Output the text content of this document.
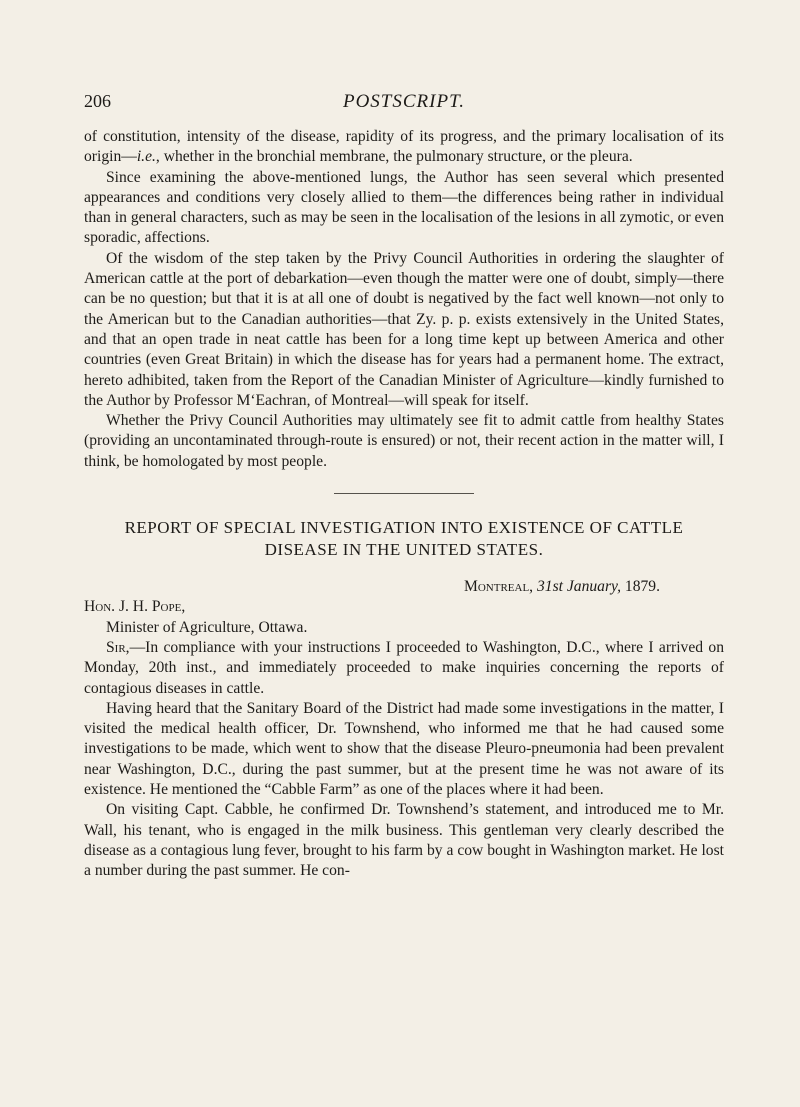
206	POSTSCRIPT.

of constitution, intensity of the disease, rapidity of its progress, and the primary localisation of its origin—i.e., whether in the bronchial membrane, the pulmonary structure, or the pleura.

Since examining the above-mentioned lungs, the Author has seen several which presented appearances and conditions very closely allied to them—the differences being rather in individual than in general characters, such as may be seen in the localisation of the lesions in all zymotic, or even sporadic, affections.

Of the wisdom of the step taken by the Privy Council Authorities in ordering the slaughter of American cattle at the port of debarkation—even though the matter were one of doubt, simply—there can be no question; but that it is at all one of doubt is negatived by the fact well known—not only to the American but to the Canadian authorities—that Zy. p. p. exists extensively in the United States, and that an open trade in neat cattle has been for a long time kept up between America and other countries (even Great Britain) in which the disease has for years had a permanent home. The extract, hereto adhibited, taken from the Report of the Canadian Minister of Agriculture—kindly furnished to the Author by Professor M‘Eachran, of Montreal—will speak for itself.

Whether the Privy Council Authorities may ultimately see fit to admit cattle from healthy States (providing an uncontaminated through-route is ensured) or not, their recent action in the matter will, I think, be homologated by most people.

REPORT OF SPECIAL INVESTIGATION INTO EXISTENCE OF CATTLE

DISEASE IN THE UNITED STATES.

Montreal, 31st January, 1879.

Hon. J. H. Pope,

Minister of Agriculture, Ottawa.

Sir,—In compliance with your instructions I proceeded to Washington, D.C., where I arrived on Monday, 20th inst., and immediately proceeded to make inquiries concerning the reports of contagious diseases in cattle.

Having heard that the Sanitary Board of the District had made some investigations in the matter, I visited the medical health officer, Dr. Townshend, who informed me that he had caused some investigations to be made, which went to show that the disease Pleuro-pneumonia had been prevalent near Washington, D.C., during the past summer, but at the present time he was not aware of its existence. He mentioned the “Cabble Farm” as one of the places where it had been.

On visiting Capt. Cabble, he confirmed Dr. Townshend’s statement, and introduced me to Mr. Wall, his tenant, who is engaged in the milk business. This gentleman very clearly described the disease as a contagious lung fever, brought to his farm by a cow bought in Washington market. He lost a number during the past summer. He con-
